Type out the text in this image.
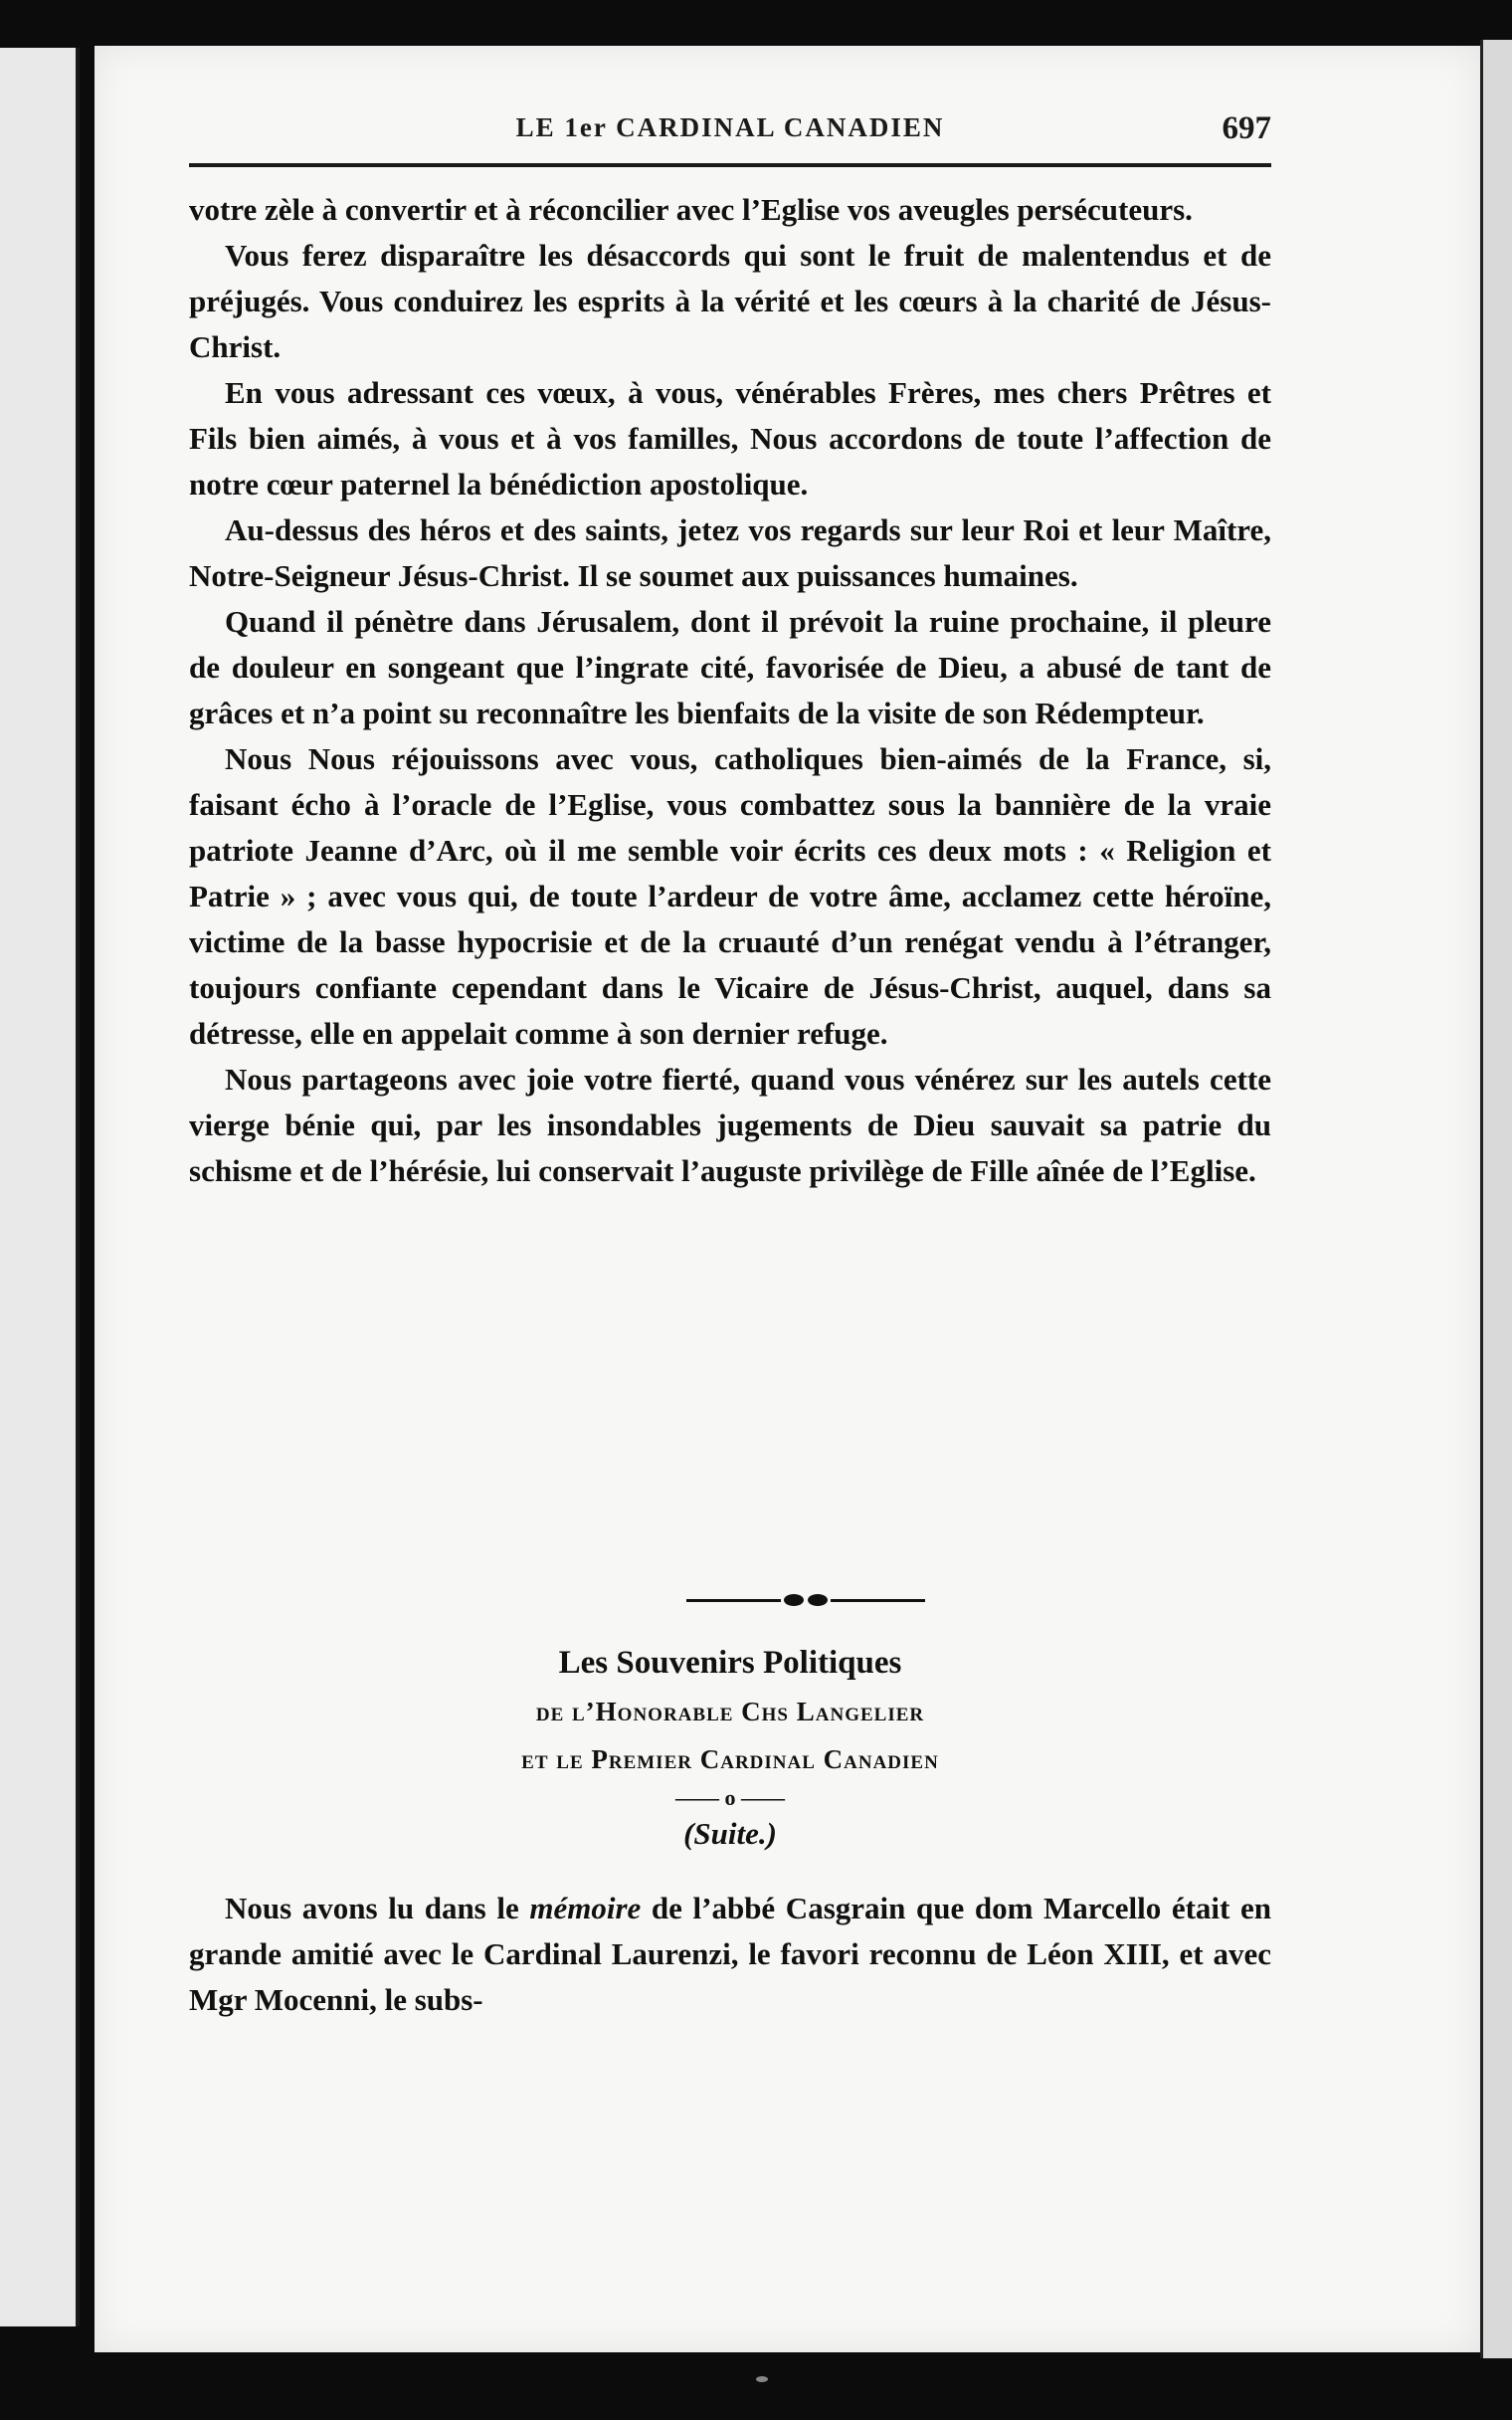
LE 1er CARDINAL CANADIEN	697

votre zèle à convertir et à réconcilier avec l’Eglise vos aveugles persécuteurs.

Vous ferez disparaître les désaccords qui sont le fruit de malentendus et de préjugés. Vous conduirez les esprits à la vérité et les cœurs à la charité de Jésus-Christ.

En vous adressant ces vœux, à vous, vénérables Frères, mes chers Prêtres et Fils bien aimés, à vous et à vos familles, Nous accordons de toute l’affection de notre cœur paternel la bénédiction apostolique.

Au-dessus des héros et des saints, jetez vos regards sur leur Roi et leur Maître, Notre-Seigneur Jésus-Christ. Il se soumet aux puissances humaines.

Quand il pénètre dans Jérusalem, dont il prévoit la ruine prochaine, il pleure de douleur en songeant que l’ingrate cité, favorisée de Dieu, a abusé de tant de grâces et n’a point su reconnaître les bienfaits de la visite de son Rédempteur.

Nous Nous réjouissons avec vous, catholiques bien-aimés de la France, si, faisant écho à l’oracle de l’Eglise, vous combattez sous la bannière de la vraie patriote Jeanne d’Arc, où il me semble voir écrits ces deux mots : « Religion et Patrie » ; avec vous qui, de toute l’ardeur de votre âme, acclamez cette héroïne, victime de la basse hypocrisie et de la cruauté d’un renégat vendu à l’étranger, toujours confiante cependant dans le Vicaire de Jésus-Christ, auquel, dans sa détresse, elle en appelait comme à son dernier refuge.

Nous partageons avec joie votre fierté, quand vous vénérez sur les autels cette vierge bénie qui, par les insondables jugements de Dieu sauvait sa patrie du schisme et de l’hérésie, lui conservait l’auguste privilège de Fille aînée de l’Eglise.

Les Souvenirs Politiques
de l’Honorable Chs Langelier
et le Premier Cardinal Canadien
—— o ——
(Suite.)

Nous avons lu dans le mémoire de l’abbé Casgrain que dom Marcello était en grande amitié avec le Cardinal Laurenzi, le favori reconnu de Léon XIII, et avec Mgr Mocenni, le subs-
